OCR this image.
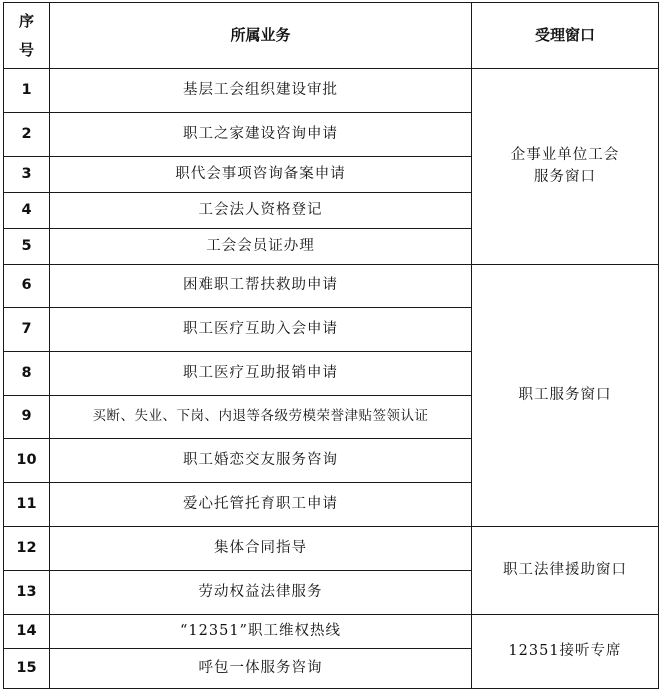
序
号	所属业务	受理窗口
1	基层工会组织建设审批	企事业单位工会
服务窗口

2	职工之家建设咨询申请	
3	职代会事项咨询备案申请	
4	工会法人资格登记	
5	工会会员证办理	
6	困难职工帮扶救助申请	职工服务窗口
7	职工医疗互助入会申请	
8	职工医疗互助报销申请	
9	买断、失业、下岗、内退等各级劳模荣誉津贴签领认证	
10	职工婚恋交友服务咨询	
11	爱心托管托育职工申请	
12	集体合同指导	职工法律援助窗口
13	劳动权益法律服务	
14	“12351”职工维权热线	12351接听专席
15	呼包一体服务咨询	
